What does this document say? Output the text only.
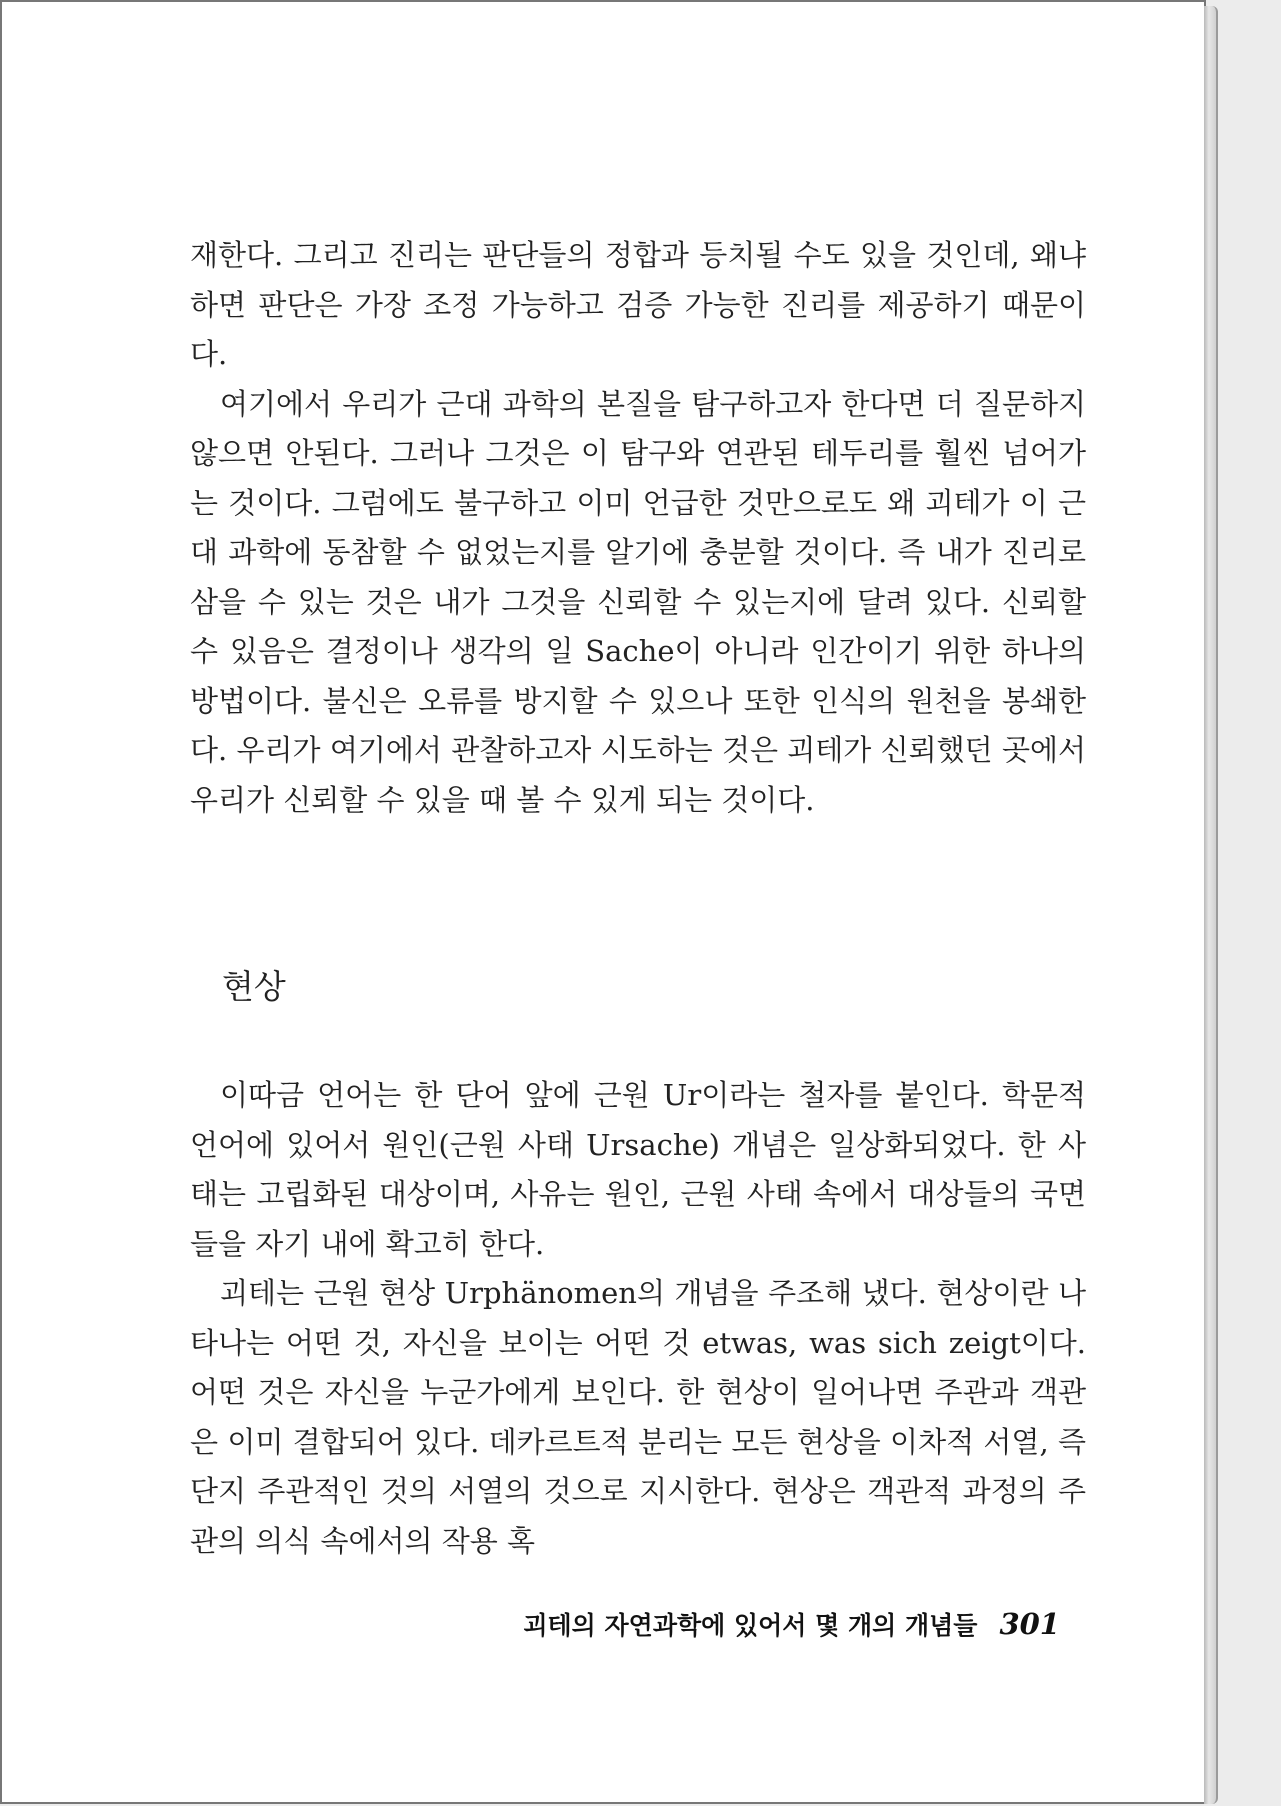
재한다. 그리고 진리는 판단들의 정합과 등치될 수도 있을 것인데, 왜냐하면 판단은 가장 조정 가능하고 검증 가능한 진리를 제공하기 때문이다.

여기에서 우리가 근대 과학의 본질을 탐구하고자 한다면 더 질문하지 않으면 안된다. 그러나 그것은 이 탐구와 연관된 테두리를 훨씬 넘어가는 것이다. 그럼에도 불구하고 이미 언급한 것만으로도 왜 괴테가 이 근대 과학에 동참할 수 없었는지를 알기에 충분할 것이다. 즉 내가 진리로 삼을 수 있는 것은 내가 그것을 신뢰할 수 있는지에 달려 있다. 신뢰할 수 있음은 결정이나 생각의 일 Sache이 아니라 인간이기 위한 하나의 방법이다. 불신은 오류를 방지할 수 있으나 또한 인식의 원천을 봉쇄한다. 우리가 여기에서 관찰하고자 시도하는 것은 괴테가 신뢰했던 곳에서 우리가 신뢰할 수 있을 때 볼 수 있게 되는 것이다.

현상

이따금 언어는 한 단어 앞에 근원 Ur이라는 철자를 붙인다. 학문적 언어에 있어서 원인(근원 사태 Ursache) 개념은 일상화되었다. 한 사태는 고립화된 대상이며, 사유는 원인, 근원 사태 속에서 대상들의 국면들을 자기 내에 확고히 한다.

괴테는 근원 현상 Urphänomen의 개념을 주조해 냈다. 현상이란 나타나는 어떤 것, 자신을 보이는 어떤 것 etwas, was sich zeigt이다. 어떤 것은 자신을 누군가에게 보인다. 한 현상이 일어나면 주관과 객관은 이미 결합되어 있다. 데카르트적 분리는 모든 현상을 이차적 서열, 즉 단지 주관적인 것의 서열의 것으로 지시한다. 현상은 객관적 과정의 주관의 의식 속에서의 작용 혹

괴테의 자연과학에 있어서 몇 개의 개념들 301
